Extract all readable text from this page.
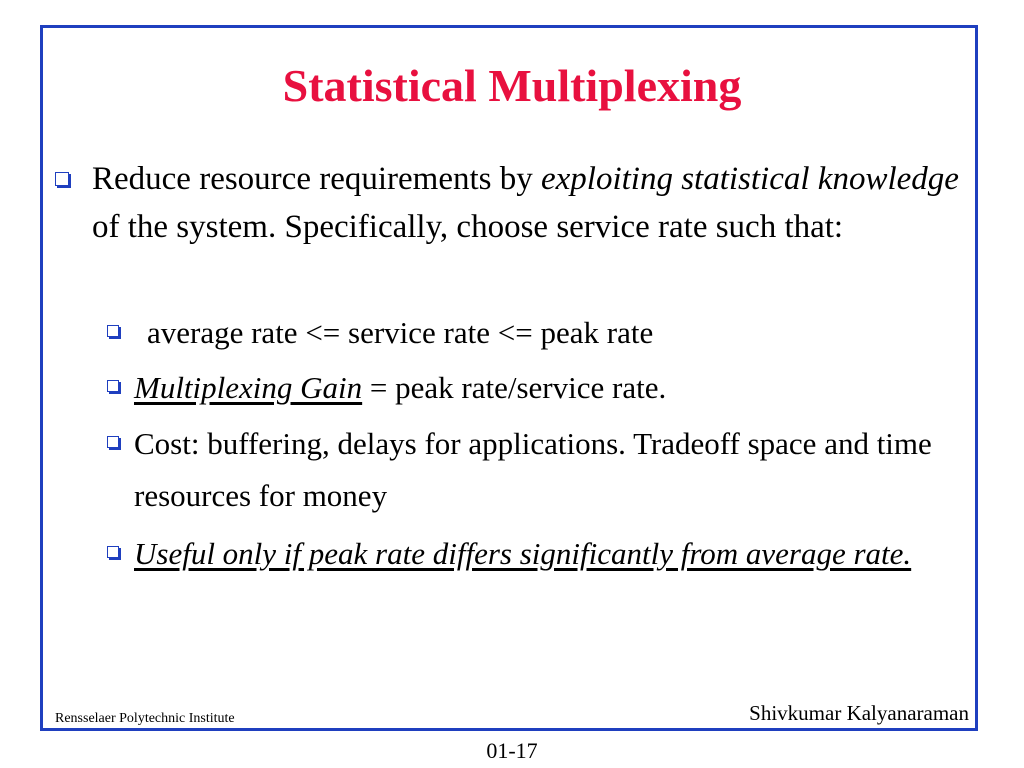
Statistical Multiplexing
Reduce resource requirements by exploiting statistical knowledge of the system. Specifically, choose service rate such that:
average rate <= service rate <= peak rate
Multiplexing Gain = peak rate/service rate.
Cost: buffering, delays for applications. Tradeoff space and time resources for money
Useful only if peak rate differs significantly from average rate.
Rensselaer Polytechnic Institute	Shivkumar Kalyanaraman
01-17
